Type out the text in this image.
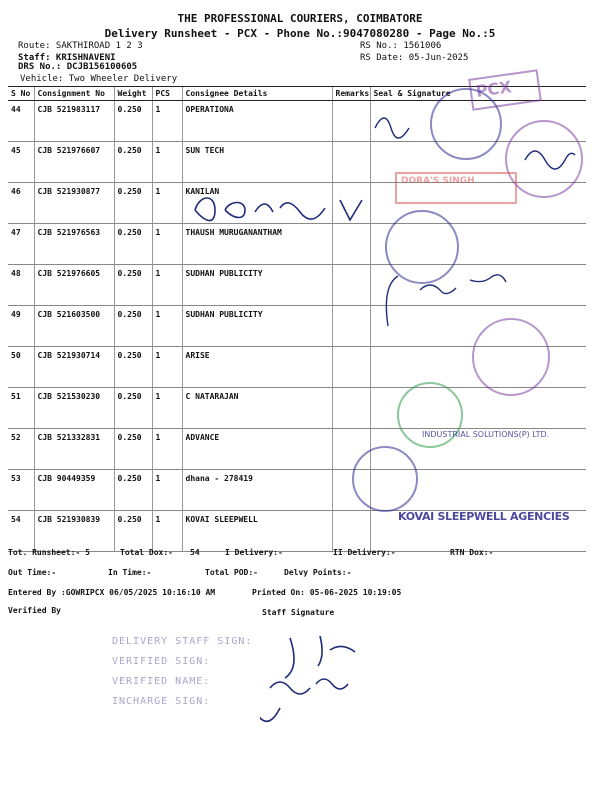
THE PROFESSIONAL COURIERS, COIMBATORE
Delivery Runsheet - PCX - Phone No.:9047080280 - Page No.:5
Route: SAKTHIROAD 1 2 3
Staff: KRISHNAVENI
RS No.: 1561006
RS Date: 05-Jun-2025
DRS No.: DCJB156100605
Vehicle: Two Wheeler Delivery
S No	Consignment No	Weight	PCS	Consignee Details	Remarks	Seal & Signature
44	CJB 521983117	0.250	1	OPERATIONA		
45	CJB 521976607	0.250	1	SUN TECH		
46	CJB 521930877	0.250	1	KANILAN		
47	CJB 521976563	0.250	1	THAUSH MURUGANANTHAM		
48	CJB 521976605	0.250	1	SUDHAN PUBLICITY		
49	CJB 521603500	0.250	1	SUDHAN PUBLICITY		
50	CJB 521930714	0.250	1	ARISE		
51	CJB 521530230	0.250	1	C NATARAJAN		
52	CJB 521332831	0.250	1	ADVANCE		
53	CJB 90449359	0.250	1	dhana - 278419		
54	CJB 521930839	0.250	1	KOVAI SLEEPWELL		
Tot. Runsheet:- 5	Total Dox:- 54	I Delivery:-	II Delivery:-	RTN Dox:-
Out Time:-	In Time:-	Total POD:-	Delvy Points:-
Entered By :GOWRIPCX 06/05/2025 10:16:10 AM	Printed On: 05-06-2025 10:19:05
Verified By	Staff Signature
PCX
DORA'S SINGH
INDUSTRIAL SOLUTIONS(P) LTD.
KOVAI SLEEPWELL AGENCIES
DELIVERY STAFF SIGN:
VERIFIED SIGN:
VERIFIED NAME:
INCHARGE SIGN:
